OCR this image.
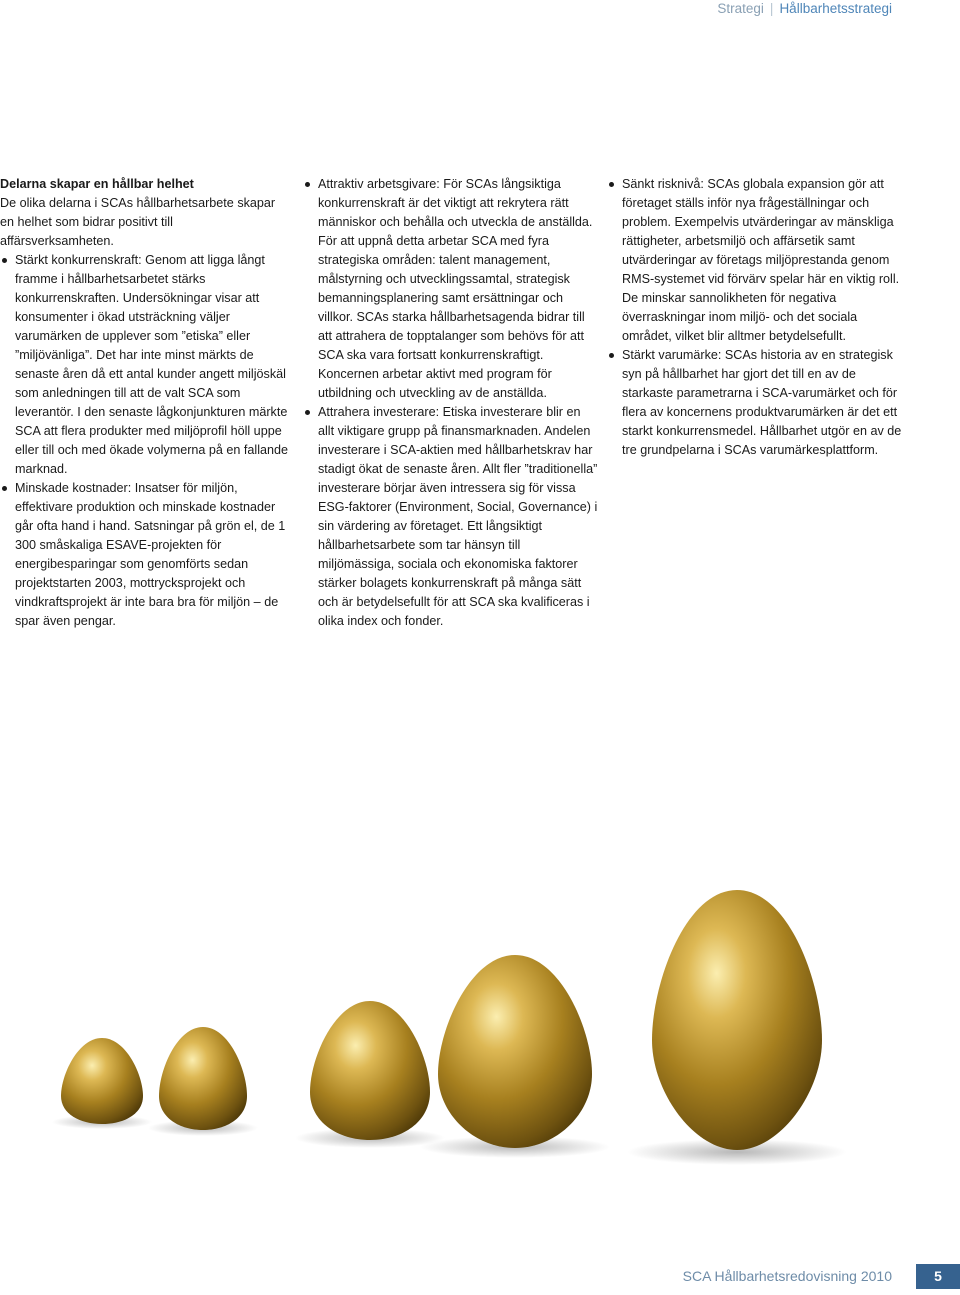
Strategi | Hållbarhetsstrategi
Delarna skapar en hållbar helhet

De olika delarna i SCAs hållbarhetsarbete skapar en helhet som bidrar positivt till affärsverksamheten.

Stärkt konkurrenskraft: Genom att ligga långt framme i hållbarhetsarbetet stärks konkurrenskraften. Undersökningar visar att konsumenter i ökad utsträckning väljer varumärken de upplever som ”etiska” eller ”miljövänliga”. Det har inte minst märkts de senaste åren då ett antal kunder angett miljöskäl som anledningen till att de valt SCA som leverantör. I den senaste lågkonjunkturen märkte SCA att flera produkter med miljöprofil höll uppe eller till och med ökade volymerna på en fallande marknad.
Minskade kostnader: Insatser för miljön, effektivare produktion och minskade kostnader går ofta hand i hand. Satsningar på grön el, de 1 300 småskaliga ESAVE-projekten för energibesparingar som genomförts sedan projektstarten 2003, mottrycksprojekt och vindkraftsprojekt är inte bara bra för miljön – de spar även pengar.
Attraktiv arbetsgivare: För SCAs långsiktiga konkurrenskraft är det viktigt att rekrytera rätt människor och behålla och utveckla de anställda. För att uppnå detta arbetar SCA med fyra strategiska områden: talent management, målstyrning och utvecklingssamtal, strategisk bemanningsplanering samt ersättningar och villkor. SCAs starka hållbarhetsagenda bidrar till att attrahera de topptalanger som behövs för att SCA ska vara fortsatt konkurrenskraftigt. Koncernen arbetar aktivt med program för utbildning och utveckling av de anställda.
Attrahera investerare: Etiska investerare blir en allt viktigare grupp på finansmarknaden. Andelen investerare i SCA-aktien med hållbarhetskrav har stadigt ökat de senaste åren. Allt fler ”traditionella” investerare börjar även intressera sig för vissa ESG-faktorer (Environment, Social, Governance) i sin värdering av företaget. Ett långsiktigt hållbarhetsarbete som tar hänsyn till miljömässiga, sociala och ekonomiska faktorer stärker bolagets konkurrenskraft på många sätt och är betydelsefullt för att SCA ska kvalificeras i olika index och fonder.
Sänkt risknivå: SCAs globala expansion gör att företaget ställs inför nya frågeställningar och problem. Exempelvis utvärderingar av mänskliga rättigheter, arbetsmiljö och affärsetik samt utvärderingar av företags miljöprestanda genom RMS-systemet vid förvärv spelar här en viktig roll. De minskar sannolikheten för negativa överraskningar inom miljö- och det sociala området, vilket blir alltmer betydelsefullt.
Stärkt varumärke: SCAs historia av en strategisk syn på hållbarhet har gjort det till en av de starkaste parametrarna i SCA-varumärket och för flera av koncernens produktvarumärken är det ett starkt konkurrensmedel. Hållbarhet utgör en av de tre grundpelarna i SCAs varumärkesplattform.
SCA Hållbarhetsredovisning 2010	5
